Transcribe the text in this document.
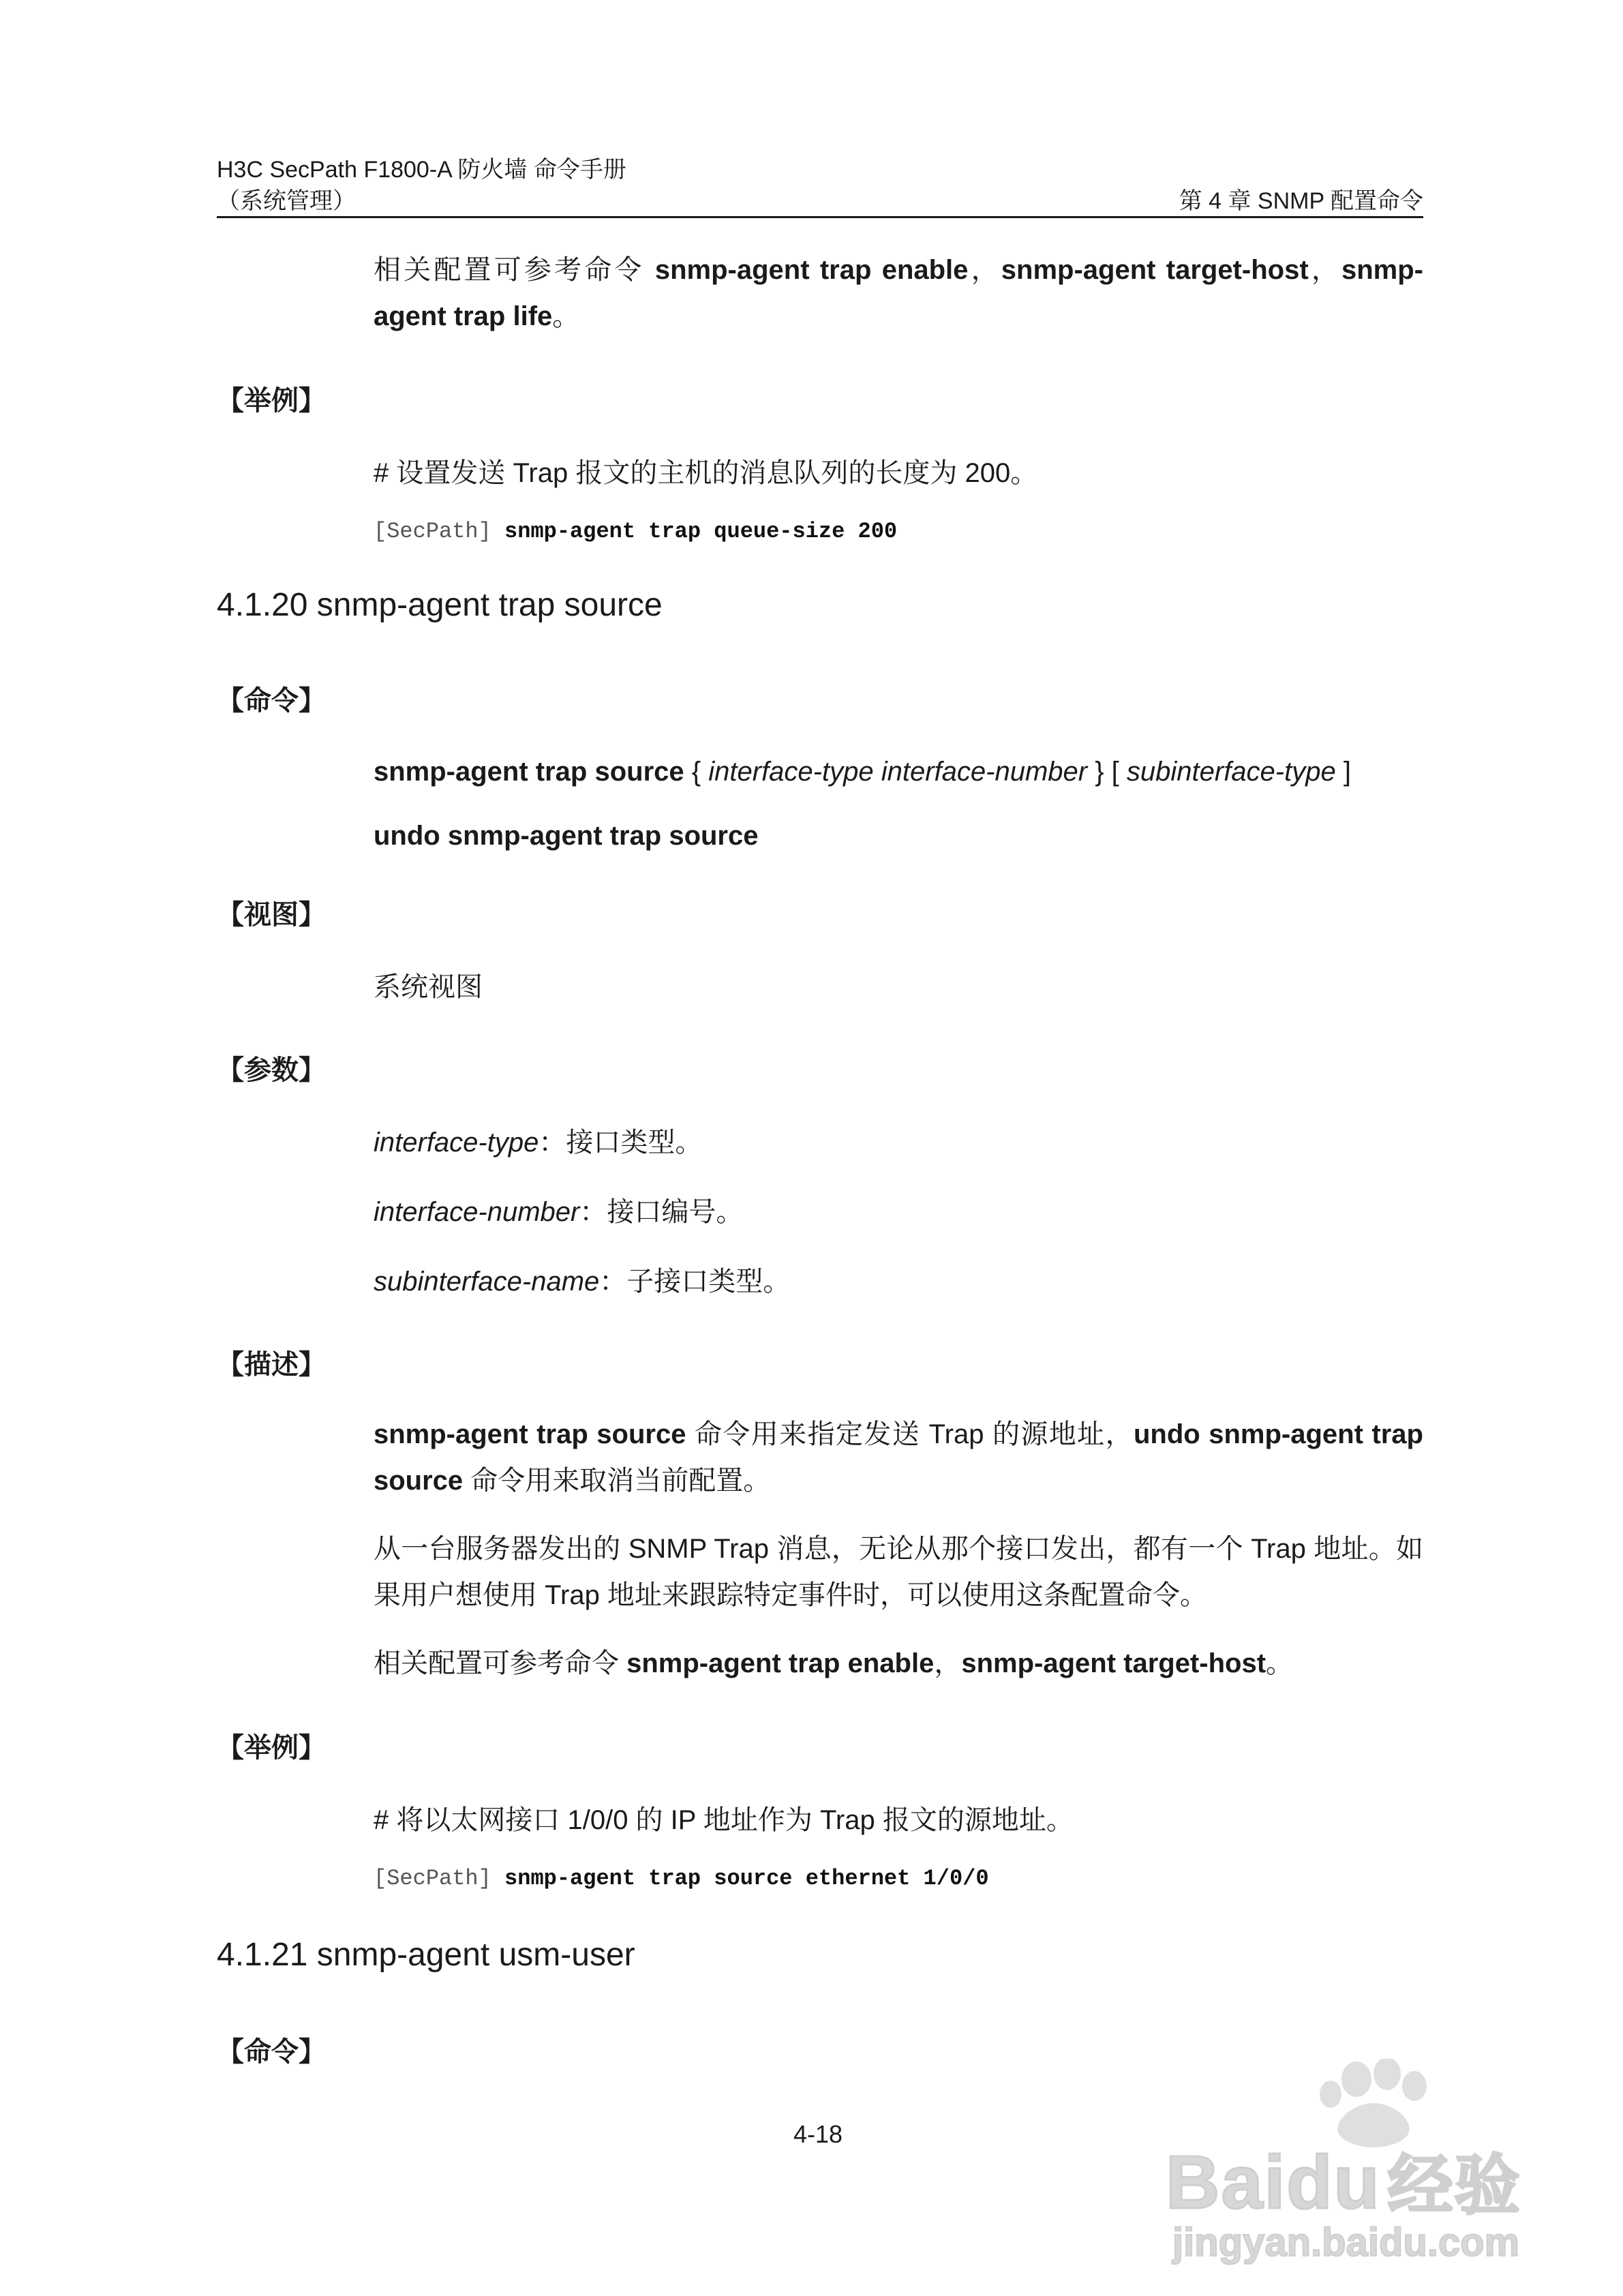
H3C SecPath F1800-A 防火墙 命令手册
（系统管理）	第 4 章 SNMP 配置命令
相关配置可参考命令 snmp-agent trap enable，snmp-agent target-host，snmp-agent trap life。
【举例】
# 设置发送 Trap 报文的主机的消息队列的长度为 200。
[SecPath] snmp-agent trap queue-size 200
4.1.20 snmp-agent trap source
【命令】
snmp-agent trap source { interface-type interface-number } [ subinterface-type ]
undo snmp-agent trap source
【视图】
系统视图
【参数】
interface-type：接口类型。
interface-number：接口编号。
subinterface-name：子接口类型。
【描述】
snmp-agent trap source 命令用来指定发送 Trap 的源地址，undo snmp-agent trap source 命令用来取消当前配置。
从一台服务器发出的 SNMP Trap 消息，无论从那个接口发出，都有一个 Trap 地址。如果用户想使用 Trap 地址来跟踪特定事件时，可以使用这条配置命令。
相关配置可参考命令 snmp-agent trap enable，snmp-agent target-host。
【举例】
# 将以太网接口 1/0/0 的 IP 地址作为 Trap 报文的源地址。
[SecPath] snmp-agent trap source ethernet 1/0/0
4.1.21 snmp-agent usm-user
【命令】
4-18
Baidu 经验
jingyan.baidu.com
